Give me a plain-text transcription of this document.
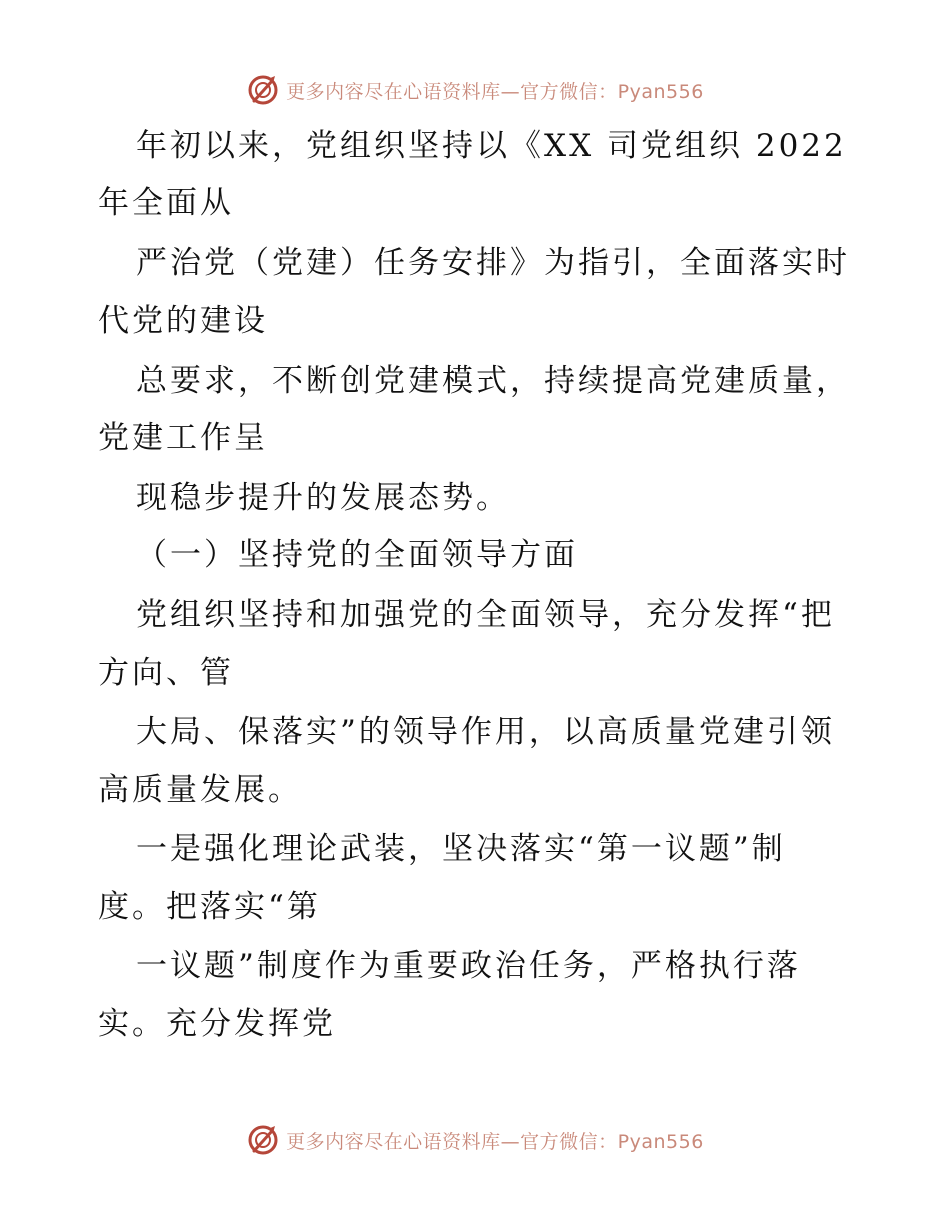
更多内容尽在心语资料库—官方微信：Pyan556
年初以来，党组织坚持以《XX 司党组织 2022
年全面从
严治党（党建）任务安排》为指引，全面落实时
代党的建设
总要求，不断创党建模式，持续提高党建质量，
党建工作呈
现稳步提升的发展态势。
（一）坚持党的全面领导方面
党组织坚持和加强党的全面领导，充分发挥“把
方向、管
大局、保落实”的领导作用，以高质量党建引领
高质量发展。
一是强化理论武装，坚决落实“第一议题”制
度。把落实“第
一议题”制度作为重要政治任务，严格执行落
实。充分发挥党
更多内容尽在心语资料库—官方微信：Pyan556
